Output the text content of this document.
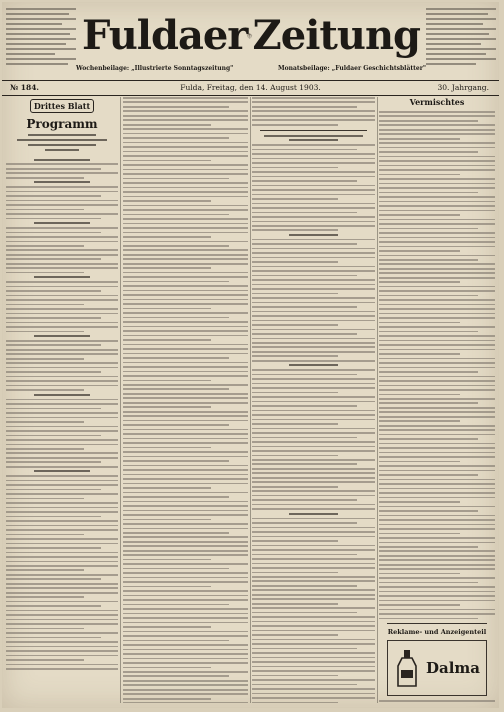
Fuldaer Zeitung
Wochenbeilage: „Illustrierte Sonntagszeitung"	Monatsbeilage: „Fuldaer Geschichtsblätter"
№ 184.	Fulda, Freitag, den 14. August 1903.	30. Jahrgang.
Drittes Blatt
Programm
Vermischtes
Reklame- und Anzeigenteil
Dalma
